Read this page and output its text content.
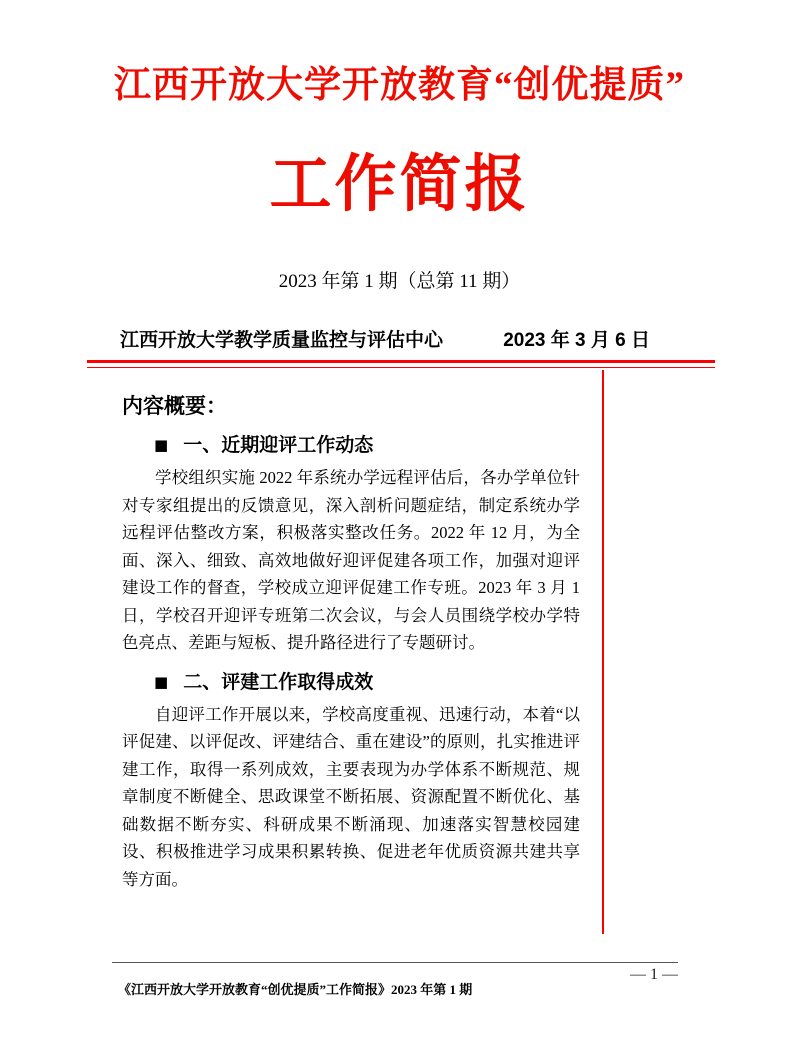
江西开放大学开放教育“创优提质”
工作简报
2023 年第 1 期（总第 11 期）
江西开放大学教学质量监控与评估中心	2023 年 3 月 6 日
内容概要：
■ 一、近期迎评工作动态

学校组织实施 2022 年系统办学远程评估后，各办学单位针对专家组提出的反馈意见，深入剖析问题症结，制定系统办学远程评估整改方案，积极落实整改任务。2022 年 12 月，为全面、深入、细致、高效地做好迎评促建各项工作，加强对迎评建设工作的督查，学校成立迎评促建工作专班。2023 年 3 月 1 日，学校召开迎评专班第二次会议，与会人员围绕学校办学特色亮点、差距与短板、提升路径进行了专题研讨。

■ 二、评建工作取得成效

自迎评工作开展以来，学校高度重视、迅速行动，本着“以评促建、以评促改、评建结合、重在建设”的原则，扎实推进评建工作，取得一系列成效，主要表现为办学体系不断规范、规章制度不断健全、思政课堂不断拓展、资源配置不断优化、基础数据不断夯实、科研成果不断涌现、加速落实智慧校园建设、积极推进学习成果积累转换、促进老年优质资源共建共享等方面。

— 1 —
《江西开放大学开放教育“创优提质”工作简报》2023 年第 1 期
